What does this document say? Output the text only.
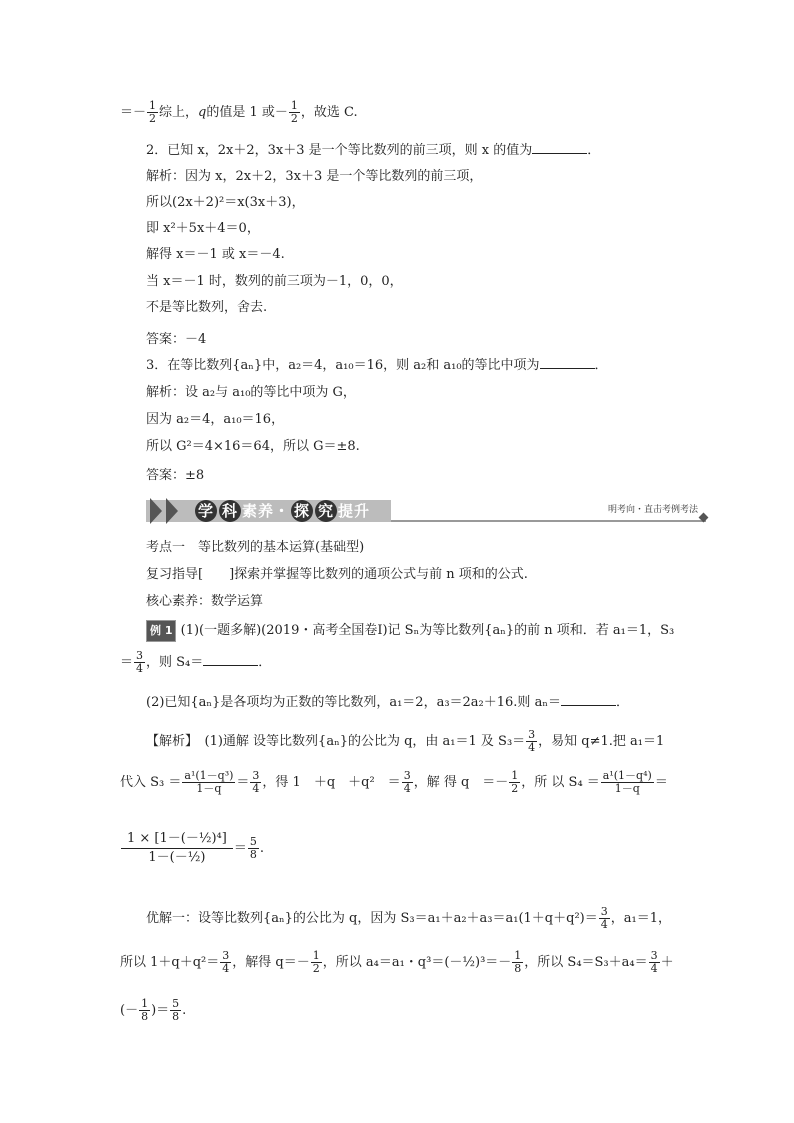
＝－ $\frac{1}{2}$ 综上，q的值是 1 或－ $\frac{1}{2}$ ，故选 C.
2．已知 x，2x＋2，3x＋3 是一个等比数列的前三项，则 x 的值为	．
解析：因为 x，2x＋2，3x＋3 是一个等比数列的前三项，
所以(2x＋2)²＝x(3x＋3)，
即 x²＋5x＋4＝0，
解得 x＝－1 或 x＝－4.
当 x＝－1 时，数列的前三项为－1，0，0，
不是等比数列，舍去.
答案：－4
3．在等比数列{aₙ}中，a₂＝4，a₁₀＝16，则 a₂和 a₁₀的等比中项为	．
解析：设 a₂与 a₁₀的等比中项为 G，
因为 a₂＝4，a₁₀＝16，
所以 G²＝4×16＝64，所以 G＝±8.
答案：±8
学 科 素养・ 探 究 提升	明考向・直击考例考法
考点一　等比数列的基本运算(基础型)
复习指导[　　]探索并掌握等比数列的通项公式与前 n 项和的公式.
核心素养：数学运算
例 1 (1)(一题多解)(2019・高考全国卷Ⅰ)记 Sₙ为等比数列{aₙ}的前 n 项和．若 a₁＝1，S₃
＝ $\frac{3}{4}$ ，则 S₄＝	．
(2)已知{aₙ}是各项均为正数的等比数列，a₁＝2，a₃＝2a₂＋16.则 aₙ＝	．
【解析】　(1)通解 设等比数列{aₙ}的公比为 q，由 a₁＝1 及 $S_3= \frac{3}{4}$ ，易知 q≠1.把 a₁＝1
代入 $S_3 = \frac{\text{a¹(1－q³)}}{1-q} = \frac{3}{4}$ ，得 1　＋q　＋q²　＝ $\frac{3}{4}$ ，解 得 q　＝－ $\frac{1}{2}$ ，所 以 $S_4 = \frac{\text{a¹(1－q⁴)}}{1-q}$ ＝
$\frac{\text{1 × [1－(－½)⁴]}}{\text{1－(－½)}} = \frac{5}{8}$ .
优解一：设等比数列{aₙ}的公比为 q，因为 $S_3=a_1+a_2+a_3=a_1(1+q+q^2)= \frac{3}{4}$ ，a₁＝1，
所以 $1+q+q^2= \frac{3}{4}$ ，解得 $q=- \frac{1}{2}$ ，所以 a₄＝a₁・q³＝(－½)³＝－ $\frac{1}{8}$ ，所以 $S_4=S_3+a_4= \frac{3}{4}$ ＋
(－ $\frac{1}{8}$ )＝ $\frac{5}{8}$ .
